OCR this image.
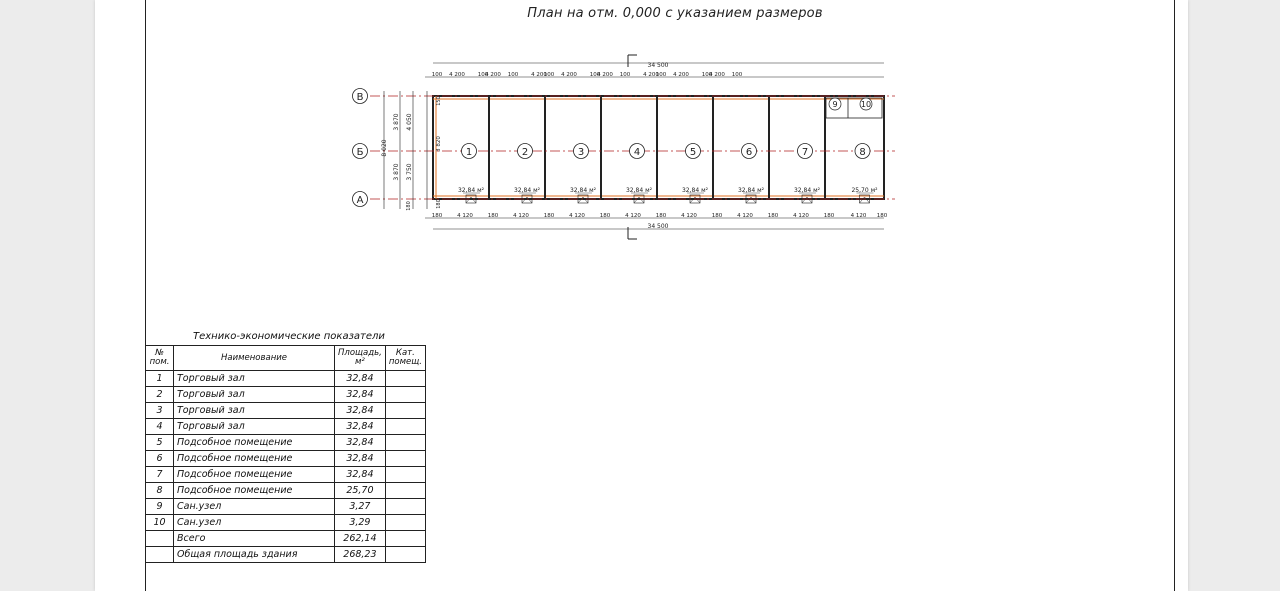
План на отм. 0,000 с указанием размеров
В
Б
А
8 020
3 870 4 050
3 870 3 750
3 820
150
180
180
34 500
100 4 200 100
4 200 100 4 200
100 4 200 100
4 200 100 4 200
100 4 200 100
4 200 100
180	4 120	180	4 120	180	4 120	180	4 120	180	4 120	180	4 120	180	4 120	180	4 120 180
34 500
1
32,84 м²
2
32,84 м²
3
32,84 м²
4
32,84 м²
5
32,84 м²
6
32,84 м²
7
32,84 м²
8
25,70 м²
9	10
Технико-экономические показатели
№ пом.	Наименование	Площадь, м²	Кат. помещ.
1	Торговый зал	32,84	
2	Торговый зал	32,84	
3	Торговый зал	32,84	
4	Торговый зал	32,84	
5	Подсобное помещение	32,84	
6	Подсобное помещение	32,84	
7	Подсобное помещение	32,84	
8	Подсобное помещение	25,70	
9	Сан.узел	3,27	
10	Сан.узел	3,29	
	Всего	262,14	
	Общая площадь здания	268,23	
